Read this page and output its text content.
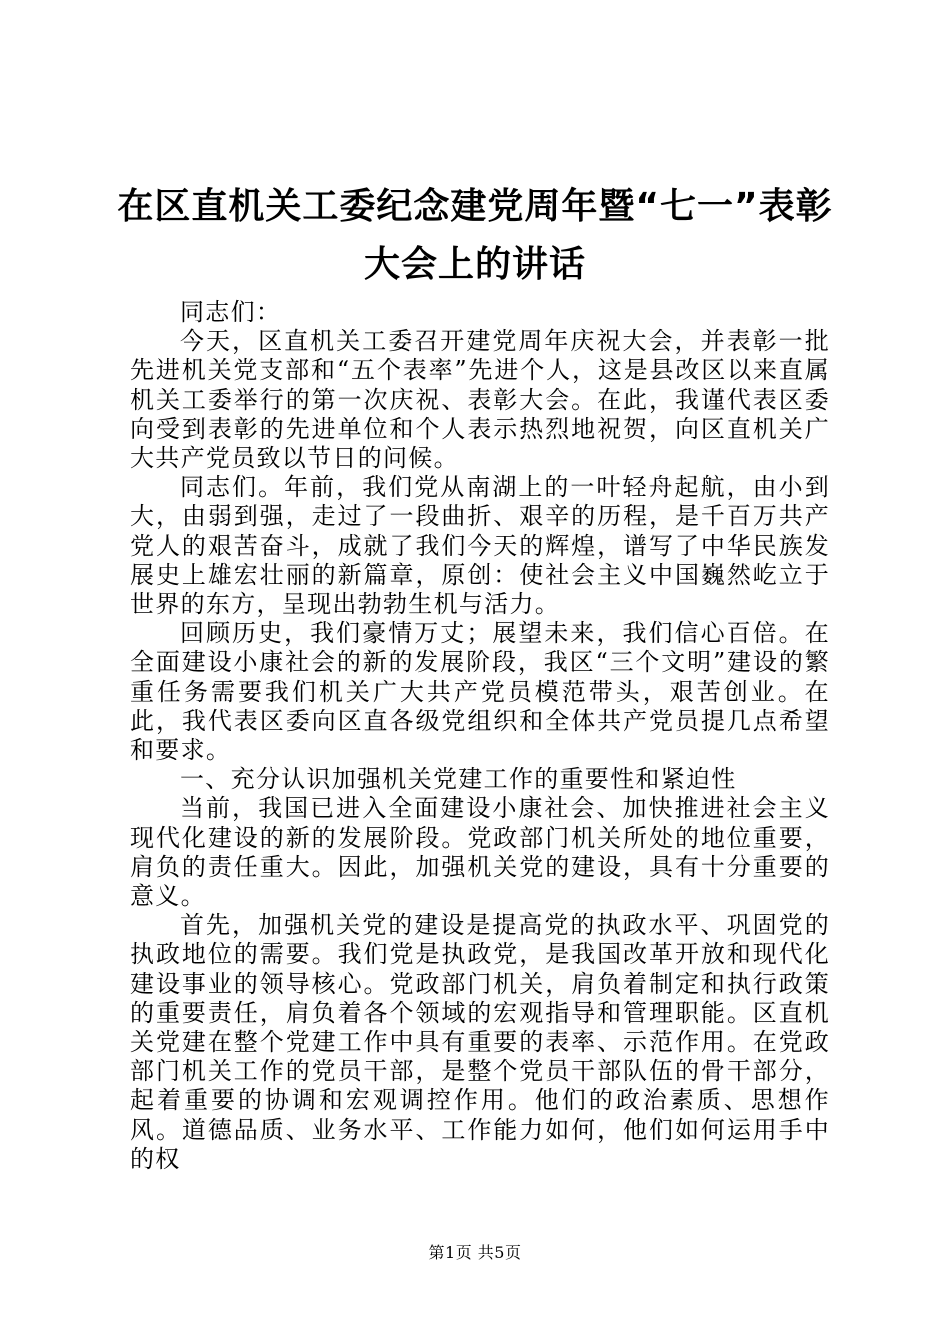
在区直机关工委纪念建党周年暨“七一”表彰大会上的讲话

同志们：

今天，区直机关工委召开建党周年庆祝大会，并表彰一批先进机关党支部和“五个表率”先进个人，这是县改区以来直属机关工委举行的第一次庆祝、表彰大会。在此，我谨代表区委向受到表彰的先进单位和个人表示热烈地祝贺，向区直机关广大共产党员致以节日的问候。

同志们。年前，我们党从南湖上的一叶轻舟起航，由小到大，由弱到强，走过了一段曲折、艰辛的历程，是千百万共产党人的艰苦奋斗，成就了我们今天的辉煌，谱写了中华民族发展史上雄宏壮丽的新篇章，原创：使社会主义中国巍然屹立于世界的东方，呈现出勃勃生机与活力。

回顾历史，我们豪情万丈；展望未来，我们信心百倍。在全面建设小康社会的新的发展阶段，我区“三个文明”建设的繁重任务需要我们机关广大共产党员模范带头，艰苦创业。在此，我代表区委向区直各级党组织和全体共产党员提几点希望和要求。

一、充分认识加强机关党建工作的重要性和紧迫性

当前，我国已进入全面建设小康社会、加快推进社会主义现代化建设的新的发展阶段。党政部门机关所处的地位重要，肩负的责任重大。因此，加强机关党的建设，具有十分重要的意义。

首先，加强机关党的建设是提高党的执政水平、巩固党的执政地位的需要。我们党是执政党，是我国改革开放和现代化建设事业的领导核心。党政部门机关，肩负着制定和执行政策的重要责任，肩负着各个领域的宏观指导和管理职能。区直机关党建在整个党建工作中具有重要的表率、示范作用。在党政部门机关工作的党员干部，是整个党员干部队伍的骨干部分，起着重要的协调和宏观调控作用。他们的政治素质、思想作风。道德品质、业务水平、工作能力如何，他们如何运用手中的权

第1页 共5页
